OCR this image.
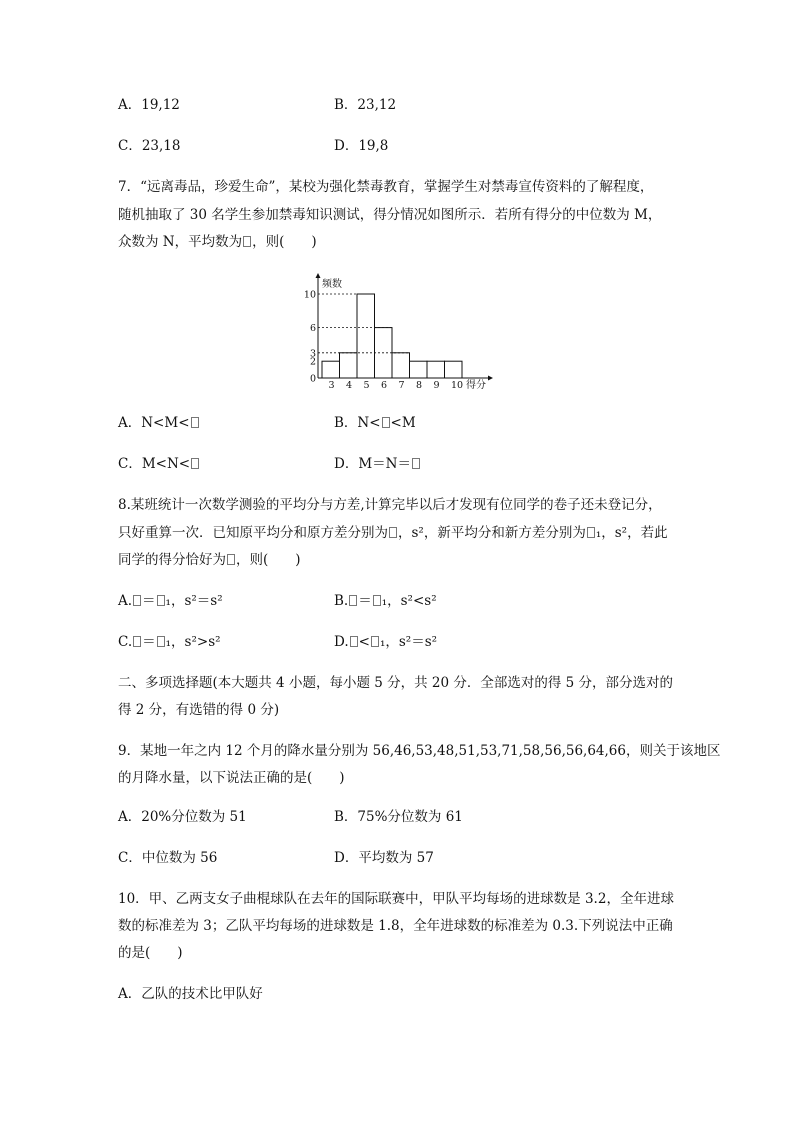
A．19,12	B．23,12
C．23,18	D．19,8
7．“远离毒品，珍爱生命”，某校为强化禁毒教育，掌握学生对禁毒宣传资料的了解程度，
随机抽取了 30 名学生参加禁毒知识测试，得分情况如图所示．若所有得分的中位数为 M，
众数为 N，平均数为 ，则(　　)
0
2
3
6
10
3 4 5 6 7 8 9 10
频数
得分
A．N<M<	B．N< <M
C．M<N<	D．M＝N＝
8.某班统计一次数学测验的平均分与方差,计算完毕以后才发现有位同学的卷子还未登记分，
只好重算一次．已知原平均分和原方差分别为 ，s²，新平均分和新方差分别为 ₁，s²，若此
同学的得分恰好为 ，则(　　)
A. ＝ ₁，s²＝s²	B. ＝ ₁，s²<s²
C. ＝ ₁，s²>s²	D. < ₁，s²＝s²
二、多项选择题(本大题共 4 小题，每小题 5 分，共 20 分．全部选对的得 5 分，部分选对的
得 2 分，有选错的得 0 分)
9．某地一年之内 12 个月的降水量分别为 56,46,53,48,51,53,71,58,56,56,64,66，则关于该地区
的月降水量，以下说法正确的是(　　)
A．20%分位数为 51	B．75%分位数为 61
C．中位数为 56	D．平均数为 57
10．甲、乙两支女子曲棍球队在去年的国际联赛中，甲队平均每场的进球数是 3.2，全年进球
数的标准差为 3；乙队平均每场的进球数是 1.8，全年进球数的标准差为 0.3.下列说法中正确
的是(　　)
A．乙队的技术比甲队好
